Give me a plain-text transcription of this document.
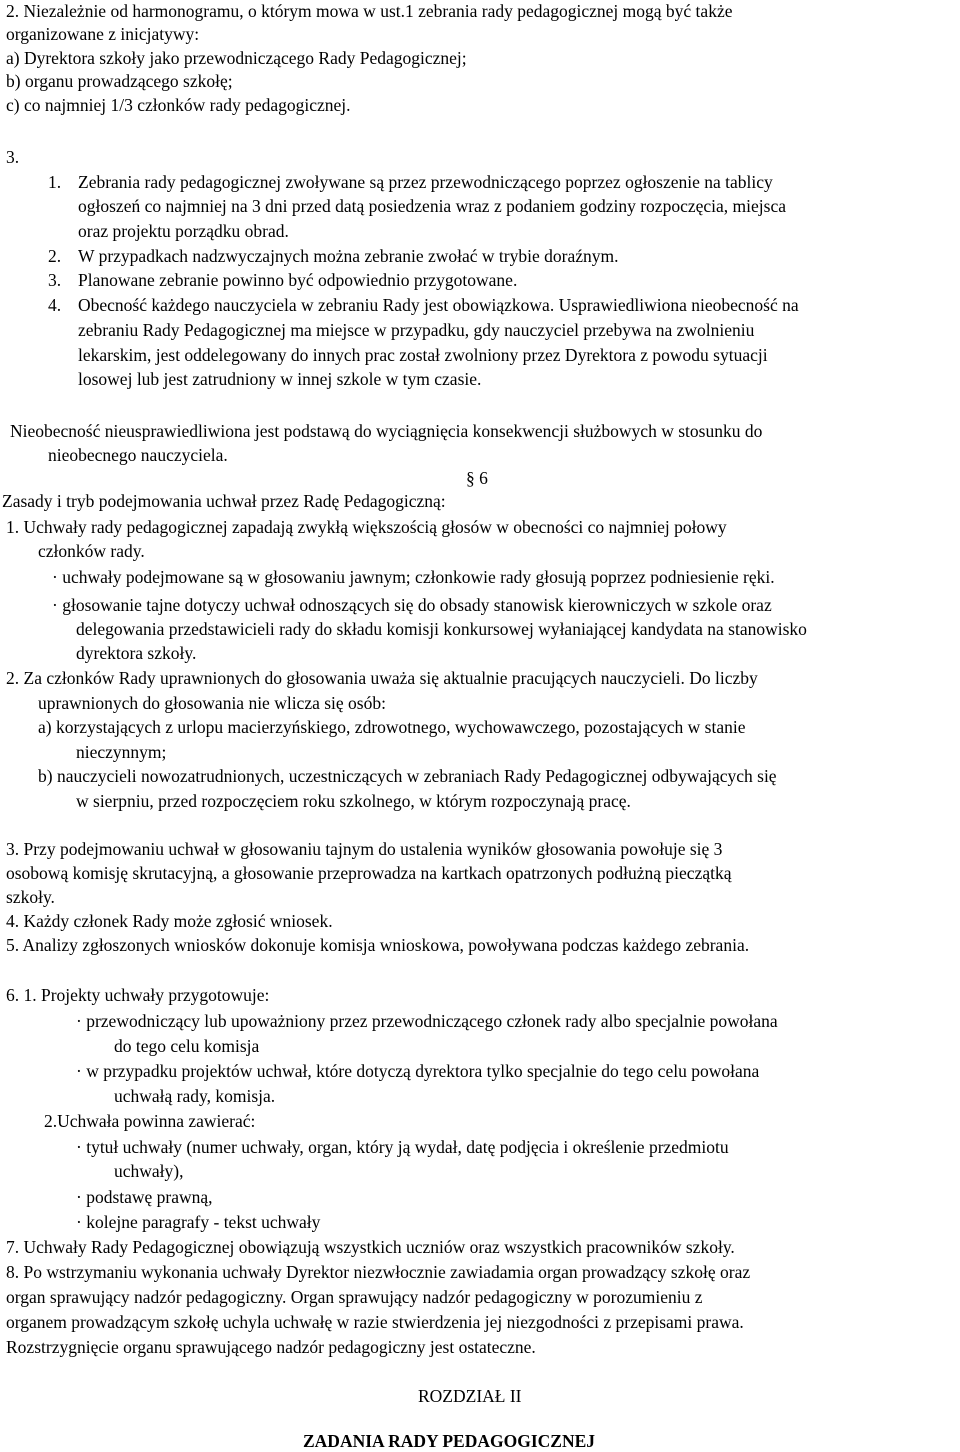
2. Niezależnie od harmonogramu, o którym mowa w ust.1 zebrania rady pedagogicznej mogą być także
organizowane z inicjatywy:
a) Dyrektora szkoły jako przewodniczącego Rady Pedagogicznej;
b) organu prowadzącego szkołę;
c) co najmniej 1/3 członków rady pedagogicznej.
3.
1. Zebrania rady pedagogicznej zwoływane są przez przewodniczącego poprzez ogłoszenie na tablicy
ogłoszeń co najmniej na 3 dni przed datą posiedzenia wraz z podaniem godziny rozpoczęcia, miejsca
oraz projektu porządku obrad.
2. W przypadkach nadzwyczajnych można zebranie zwołać w trybie doraźnym.
3. Planowane zebranie powinno być odpowiednio przygotowane.
4. Obecność każdego nauczyciela w zebraniu Rady jest obowiązkowa. Usprawiedliwiona nieobecność na
zebraniu Rady Pedagogicznej ma miejsce w przypadku, gdy nauczyciel przebywa na zwolnieniu
lekarskim, jest oddelegowany do innych prac został zwolniony przez Dyrektora z powodu sytuacji
losowej lub jest zatrudniony w innej szkole w tym czasie.
Nieobecność nieusprawiedliwiona jest podstawą do wyciągnięcia konsekwencji służbowych w stosunku do
nieobecnego nauczyciela.
§ 6
Zasady i tryb podejmowania uchwał przez Radę Pedagogiczną:
1. Uchwały rady pedagogicznej zapadają zwykłą większością głosów w obecności co najmniej połowy
członków rady.
· uchwały podejmowane są w głosowaniu jawnym; członkowie rady głosują poprzez podniesienie ręki.
· głosowanie tajne dotyczy uchwał odnoszących się do obsady stanowisk kierowniczych w szkole oraz
delegowania przedstawicieli rady do składu komisji konkursowej wyłaniającej kandydata na stanowisko
dyrektora szkoły.
2. Za członków Rady uprawnionych do głosowania uważa się aktualnie pracujących nauczycieli. Do liczby
uprawnionych do głosowania nie wlicza się osób:
a) korzystających z urlopu macierzyńskiego, zdrowotnego, wychowawczego, pozostających w stanie
nieczynnym;
b) nauczycieli nowozatrudnionych, uczestniczących w zebraniach Rady Pedagogicznej odbywających się
w sierpniu, przed rozpoczęciem roku szkolnego, w którym rozpoczynają pracę.
3. Przy podejmowaniu uchwał w głosowaniu tajnym do ustalenia wyników głosowania powołuje się 3
osobową komisję skrutacyjną, a głosowanie przeprowadza na kartkach opatrzonych podłużną pieczątką
szkoły.
4. Każdy członek Rady może zgłosić wniosek.
5. Analizy zgłoszonych wniosków dokonuje komisja wnioskowa, powoływana podczas każdego zebrania.
6. 1. Projekty uchwały przygotowuje:
· przewodniczący lub upoważniony przez przewodniczącego członek rady albo specjalnie powołana
do tego celu komisja
· w przypadku projektów uchwał, które dotyczą dyrektora tylko specjalnie do tego celu powołana
uchwałą rady, komisja.
2.Uchwała powinna zawierać:
· tytuł uchwały (numer uchwały, organ, który ją wydał, datę podjęcia i określenie przedmiotu
uchwały),
· podstawę prawną,
· kolejne paragrafy - tekst uchwały
7. Uchwały Rady Pedagogicznej obowiązują wszystkich uczniów oraz wszystkich pracowników szkoły.
8. Po wstrzymaniu wykonania uchwały Dyrektor niezwłocznie zawiadamia organ prowadzący szkołę oraz
organ sprawujący nadzór pedagogiczny. Organ sprawujący nadzór pedagogiczny w porozumieniu z
organem prowadzącym szkołę uchyla uchwałę w razie stwierdzenia jej niezgodności z przepisami prawa.
Rozstrzygnięcie organu sprawującego nadzór pedagogiczny jest ostateczne.
ROZDZIAŁ II
ZADANIA RADY PEDAGOGICZNEJ
